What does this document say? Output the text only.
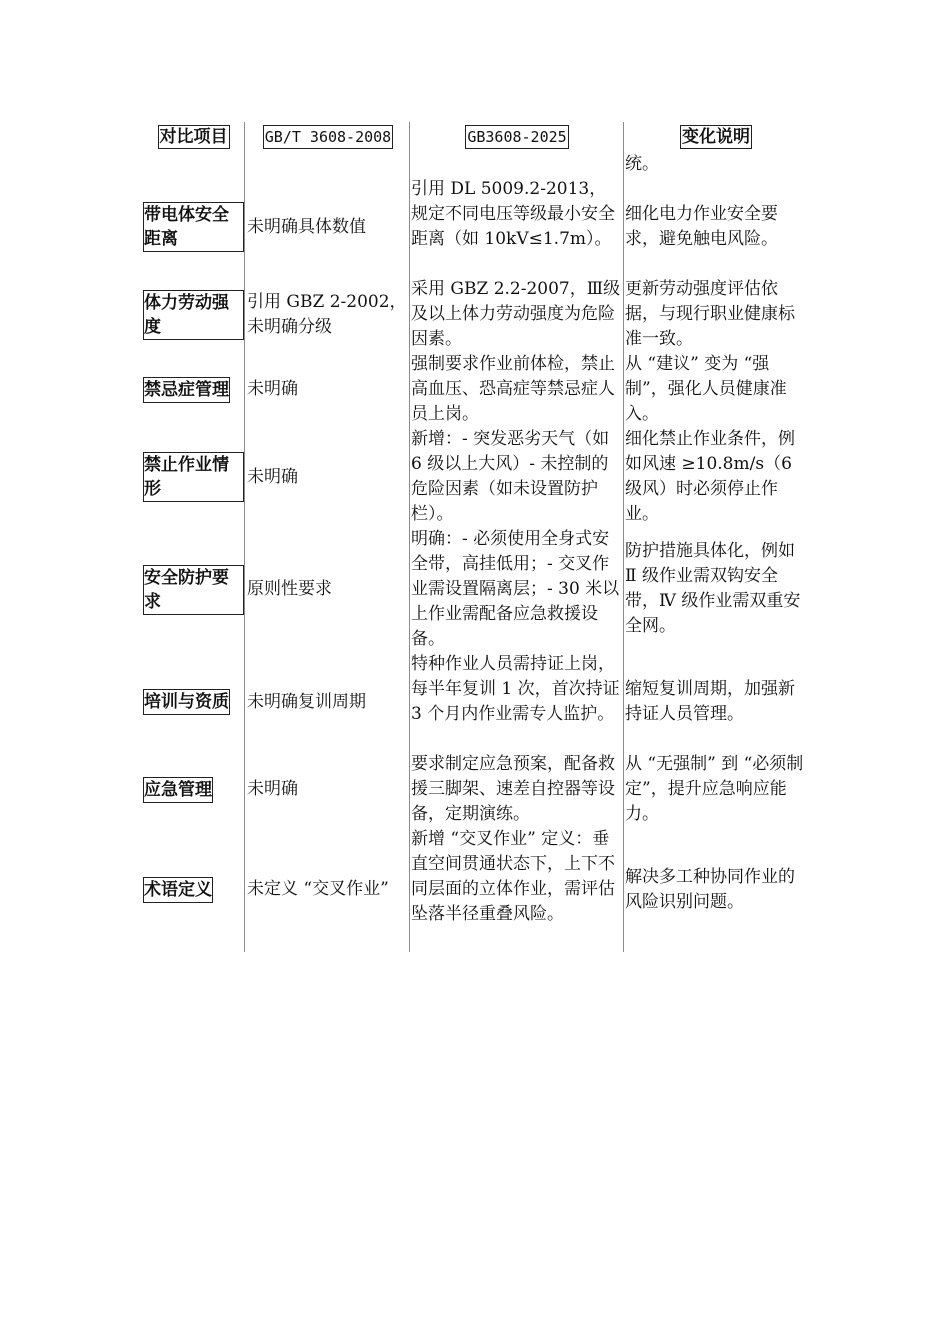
对比项目 GB/T 3608-2008	GB3608-2025	变化说明
统。
带电体安全距离
未明确具体数值
引用 DL 5009.2-2013，规定不同电压等级最小安全距离（如 10kV≤1.7m）。
细化电力作业安全要求，避免触电风险。
体力劳动强度
引用 GBZ 2-2002，未明确分级
采用 GBZ 2.2-2007，Ⅲ级及以上体力劳动强度为危险因素。
更新劳动强度评估依据，与现行职业健康标准一致。
禁忌症管理 未明确
强制要求作业前体检，禁止高血压、恐高症等禁忌症人员上岗。
从 “建议” 变为 “强制”，强化人员健康准入。
禁止作业情形
未明确
新增：- 突发恶劣天气（如 6 级以上大风）- 未控制的危险因素（如未设置防护栏）。
细化禁止作业条件，例如风速 ≥10.8m/s（6 级风）时必须停止作业。
安全防护要求
原则性要求
明确：- 必须使用全身式安全带，高挂低用；- 交叉作业需设置隔离层；- 30 米以上作业需配备应急救援设备。
防护措施具体化，例如 Ⅱ 级作业需双钩安全带，Ⅳ 级作业需双重安全网。
培训与资质 未明确复训周期
特种作业人员需持证上岗，每半年复训 1 次，首次持证 3 个月内作业需专人监护。
缩短复训周期，加强新持证人员管理。
应急管理 未明确
要求制定应急预案，配备救援三脚架、速差自控器等设备，定期演练。
从 “无强制” 到 “必须制定”，提升应急响应能力。
术语定义 未定义 “交叉作业”
新增 “交叉作业” 定义：垂直空间贯通状态下，上下不同层面的立体作业，需评估坠落半径重叠风险。
解决多工种协同作业的风险识别问题。
